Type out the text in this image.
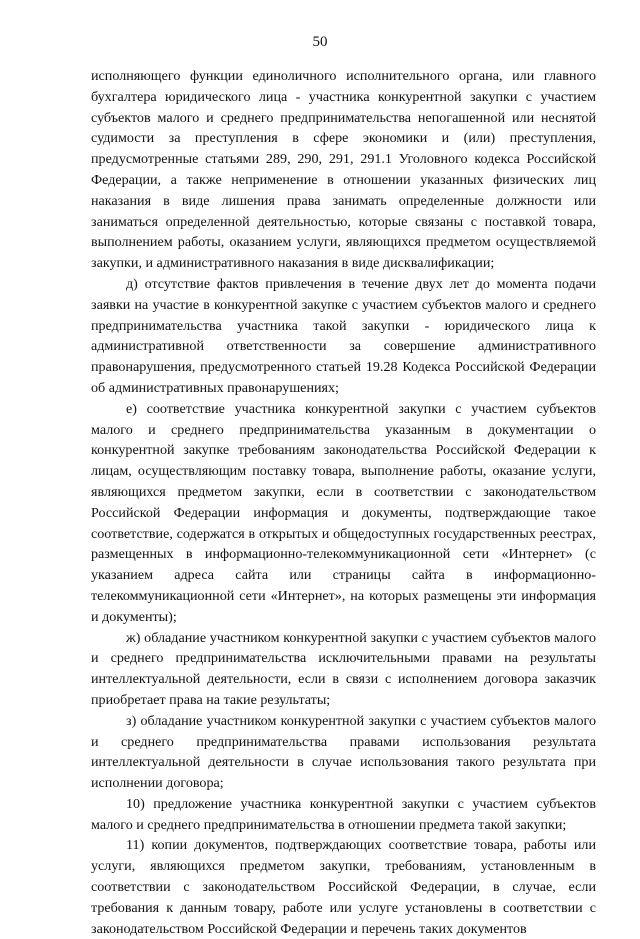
50

исполняющего функции единоличного исполнительного органа, или главного бухгалтера юридического лица - участника конкурентной закупки с участием субъектов малого и среднего предпринимательства непогашенной или неснятой судимости за преступления в сфере экономики и (или) преступления, предусмотренные статьями 289, 290, 291, 291.1 Уголовного кодекса Российской Федерации, а также неприменение в отношении указанных физических лиц наказания в виде лишения права занимать определенные должности или заниматься определенной деятельностью, которые связаны с поставкой товара, выполнением работы, оказанием услуги, являющихся предметом осуществляемой закупки, и административного наказания в виде дисквалификации;

д) отсутствие фактов привлечения в течение двух лет до момента подачи заявки на участие в конкурентной закупке с участием субъектов малого и среднего предпринимательства участника такой закупки - юридического лица к административной ответственности за совершение административного правонарушения, предусмотренного статьей 19.28 Кодекса Российской Федерации об административных правонарушениях;

е) соответствие участника конкурентной закупки с участием субъектов малого и среднего предпринимательства указанным в документации о конкурентной закупке требованиям законодательства Российской Федерации к лицам, осуществляющим поставку товара, выполнение работы, оказание услуги, являющихся предметом закупки, если в соответствии с законодательством Российской Федерации информация и документы, подтверждающие такое соответствие, содержатся в открытых и общедоступных государственных реестрах, размещенных в информационно-телекоммуникационной сети «Интернет» (с указанием адреса сайта или страницы сайта в информационно-телекоммуникационной сети «Интернет», на которых размещены эти информация и документы);

ж) обладание участником конкурентной закупки с участием субъектов малого и среднего предпринимательства исключительными правами на результаты интеллектуальной деятельности, если в связи с исполнением договора заказчик приобретает права на такие результаты;

з) обладание участником конкурентной закупки с участием субъектов малого и среднего предпринимательства правами использования результата интеллектуальной деятельности в случае использования такого результата при исполнении договора;

10) предложение участника конкурентной закупки с участием субъектов малого и среднего предпринимательства в отношении предмета такой закупки;

11) копии документов, подтверждающих соответствие товара, работы или услуги, являющихся предметом закупки, требованиям, установленным в соответствии с законодательством Российской Федерации, в случае, если требования к данным товару, работе или услуге установлены в соответствии с законодательством Российской Федерации и перечень таких документов
